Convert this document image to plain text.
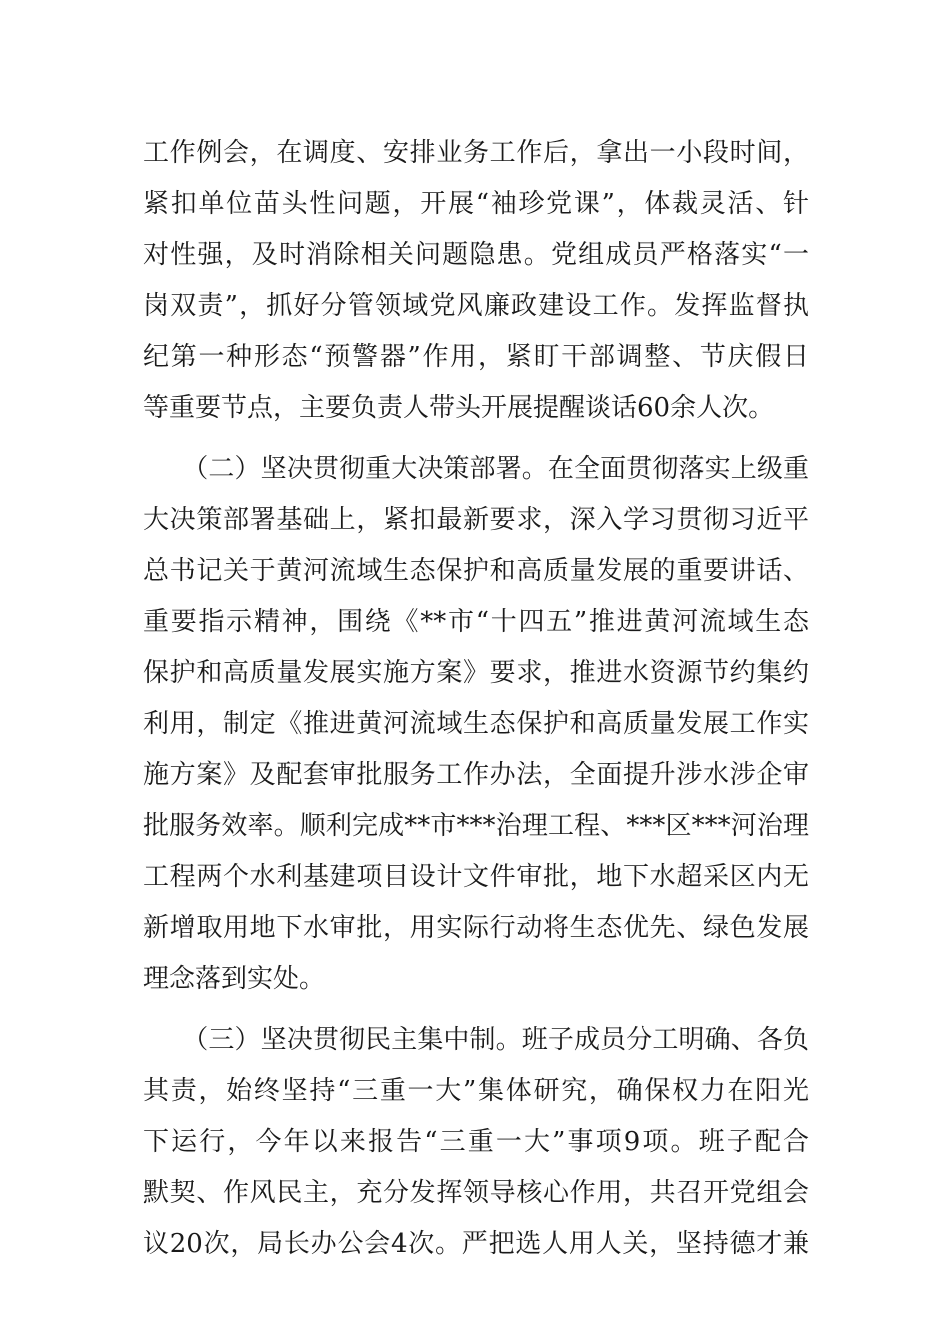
工作例会，在调度、安排业务工作后，拿出一小段时间，
紧扣单位苗头性问题，开展“袖珍党课”，体裁灵活、针
对性强，及时消除相关问题隐患。党组成员严格落实“一
岗双责”，抓好分管领域党风廉政建设工作。发挥监督执
纪第一种形态“预警器”作用，紧盯干部调整、节庆假日
等重要节点，主要负责人带头开展提醒谈话60余人次。
　　（二）坚决贯彻重大决策部署。在全面贯彻落实上级重
大决策部署基础上，紧扣最新要求，深入学习贯彻习近平
总书记关于黄河流域生态保护和高质量发展的重要讲话、
重要指示精神，围绕《**市“十四五”推进黄河流域生态
保护和高质量发展实施方案》要求，推进水资源节约集约
利用，制定《推进黄河流域生态保护和高质量发展工作实
施方案》及配套审批服务工作办法，全面提升涉水涉企审
批服务效率。顺利完成**市***治理工程、***区***河治理
工程两个水利基建项目设计文件审批，地下水超采区内无
新增取用地下水审批，用实际行动将生态优先、绿色发展
理念落到实处。
　　（三）坚决贯彻民主集中制。班子成员分工明确、各负
其责，始终坚持“三重一大”集体研究，确保权力在阳光
下运行，今年以来报告“三重一大”事项9项。班子配合
默契、作风民主，充分发挥领导核心作用，共召开党组会
议20次，局长办公会4次。严把选人用人关，坚持德才兼
